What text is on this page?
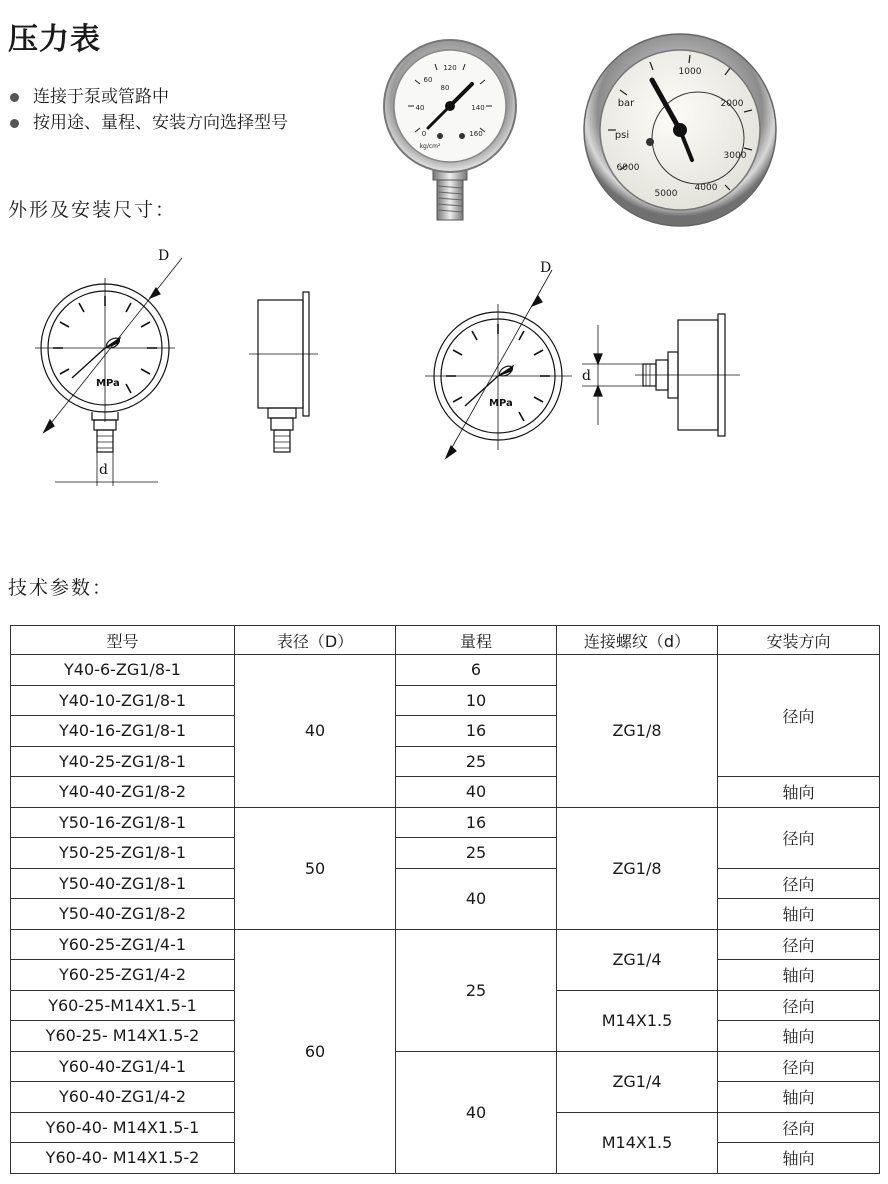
压力表
连接于泵或管路中
按用途、量程、安装方向选择型号
0
40
60
80
120
140
160
kg/cm²
1000
2000
3000
4000
5000
6000
bar
psi
外形及安装尺寸：
D
D
d
d
MPa
MPa
技术参数：
型号	表径（D）	量程	连接螺纹（d）	安装方向
Y40-6-ZG1/8-1	40	6	ZG1/8	径向
Y40-10-ZG1/8-1		10		
Y40-16-ZG1/8-1		16		
Y40-25-ZG1/8-1		25		
Y40-40-ZG1/8-2		40		轴向
Y50-16-ZG1/8-1	50	16	ZG1/8	径向
Y50-25-ZG1/8-1		25		
Y50-40-ZG1/8-1		40		径向
Y50-40-ZG1/8-2				轴向
Y60-25-ZG1/4-1	60	25	ZG1/4	径向
Y60-25-ZG1/4-2				轴向
Y60-25-M14X1.5-1			M14X1.5	径向
Y60-25- M14X1.5-2				轴向
Y60-40-ZG1/4-1		40	ZG1/4	径向
Y60-40-ZG1/4-2				轴向
Y60-40- M14X1.5-1			M14X1.5	径向
Y60-40- M14X1.5-2				轴向
